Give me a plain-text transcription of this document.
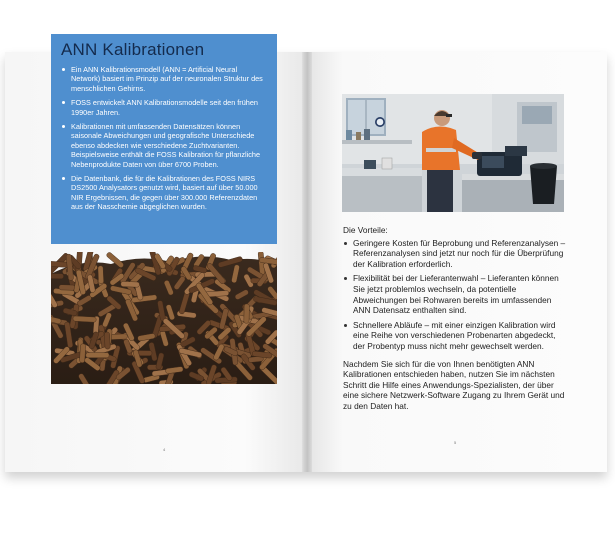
ANN Kalibrationen
Ein ANN Kalibrationsmodell (ANN = Artificial Neural Network) basiert im Prinzip auf der neuronalen Struktur des menschlichen Gehirns.
FOSS entwickelt ANN Kalibrationsmodelle seit den frühen 1990er Jahren.
Kalibrationen mit umfassenden Datensätzen können saisonale Abweichungen und geografische Unterschiede ebenso abdecken wie verschiedene Zuchtvarianten. Beispielsweise enthält die FOSS Kalibration für pflanzliche Nebenprodukte Daten von über 6700 Proben.
Die Datenbank, die für die Kalibrationen des FOSS NIRS DS2500 Analysators genutzt wird, basiert auf über 50.000 NIR Ergebnissen, die gegen über 300.000 Referenzdaten aus der Nasschemie abgeglichen wurden.
4

Die Vorteile:

Geringere Kosten für Beprobung und Referenzanalysen – Referenzanalysen sind jetzt nur noch für die Überprüfung der Kalibration erforderlich.
Flexibilität bei der Lieferantenwahl – Lieferanten können Sie jetzt problemlos wechseln, da potentielle Abweichungen bei Rohwaren bereits im umfassenden ANN Datensatz enthalten sind.
Schnellere Abläufe – mit einer einzigen Kalibration wird eine Reihe von verschiedenen Probenarten abgedeckt, der Probentyp muss nicht mehr gewechselt werden.

Nachdem Sie sich für die von Ihnen benötigten ANN Kalibrationen entschieden haben, nutzen Sie im nächsten Schritt die Hilfe eines Anwendungs-Spezialisten, der über eine sichere Netzwerk-Software Zugang zu Ihrem Gerät und zu den Daten hat.

5
